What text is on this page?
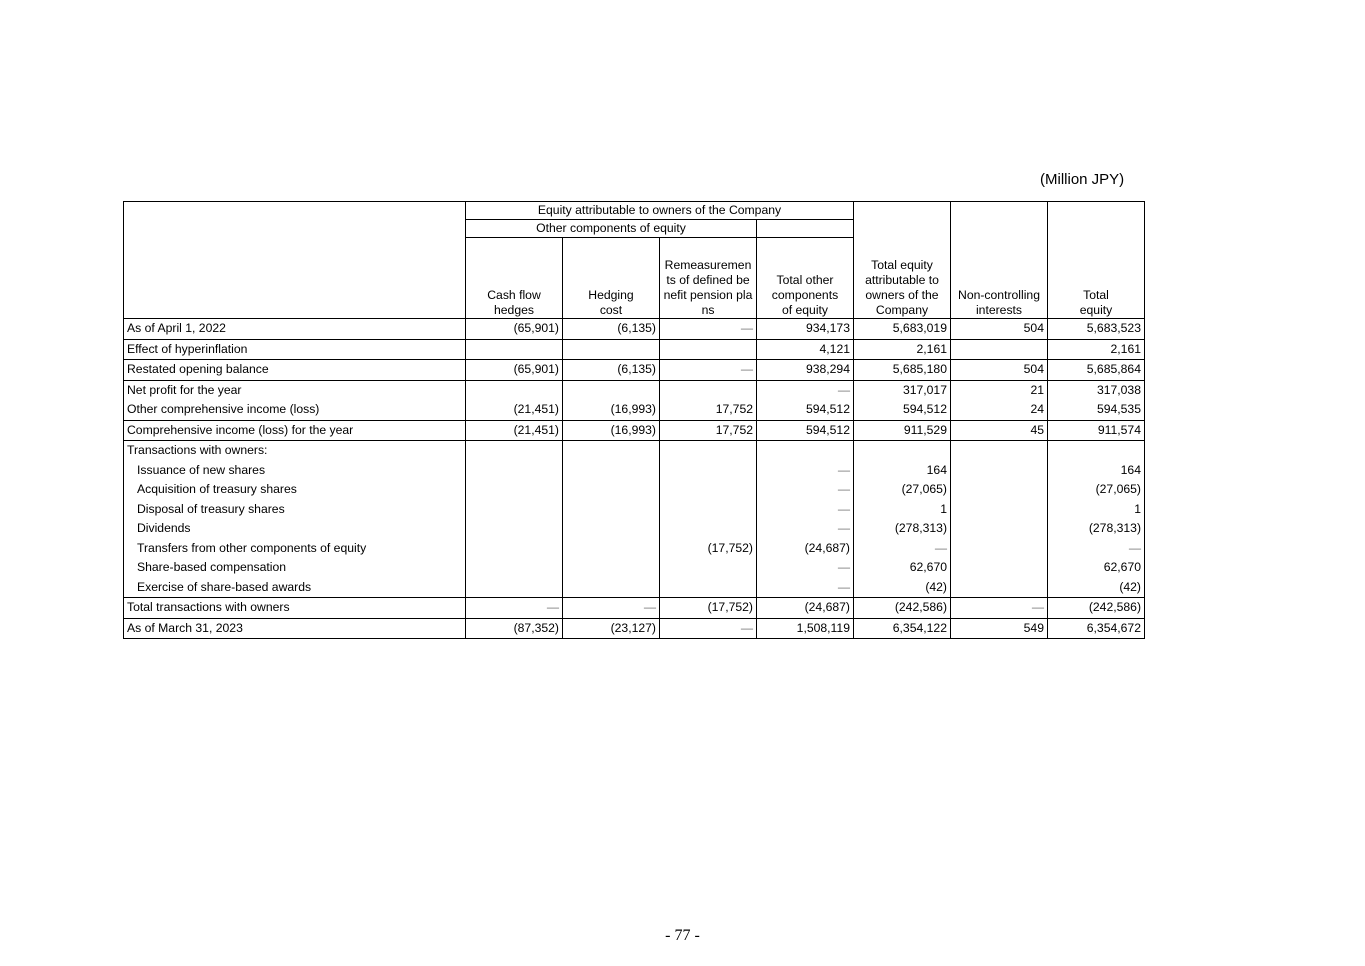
(Million JPY)
	Equity attributable to owners of the Company				Total equity attributable to owners of the Company	Non-controlling interests	Total equity
	Other components of equity						
	Cash flow hedges	Hedging cost	Remeasurements of defined benefit pension plans	Total other components of equity			
As of April 1, 2022	(65,901)	(6,135)	—	934,173	5,683,019	504	5,683,523
Effect of hyperinflation				4,121	2,161		2,161
Restated opening balance	(65,901)	(6,135)	—	938,294	5,685,180	504	5,685,864
Net profit for the year				—	317,017	21	317,038
Other comprehensive income (loss)	(21,451)	(16,993)	17,752	594,512	594,512	24	594,535
Comprehensive income (loss) for the year	(21,451)	(16,993)	17,752	594,512	911,529	45	911,574
Transactions with owners:							
Issuance of new shares				—	164		164
Acquisition of treasury shares				—	(27,065)		(27,065)
Disposal of treasury shares				—	1		1
Dividends				—	(278,313)		(278,313)
Transfers from other components of equity			(17,752)	(24,687)	—		—
Share-based compensation				—	62,670		62,670
Exercise of share-based awards				—	(42)		(42)
Total transactions with owners	—	—	(17,752)	(24,687)	(242,586)	—	(242,586)
As of March 31, 2023	(87,352)	(23,127)	—	1,508,119	6,354,122	549	6,354,672
- 77 -
